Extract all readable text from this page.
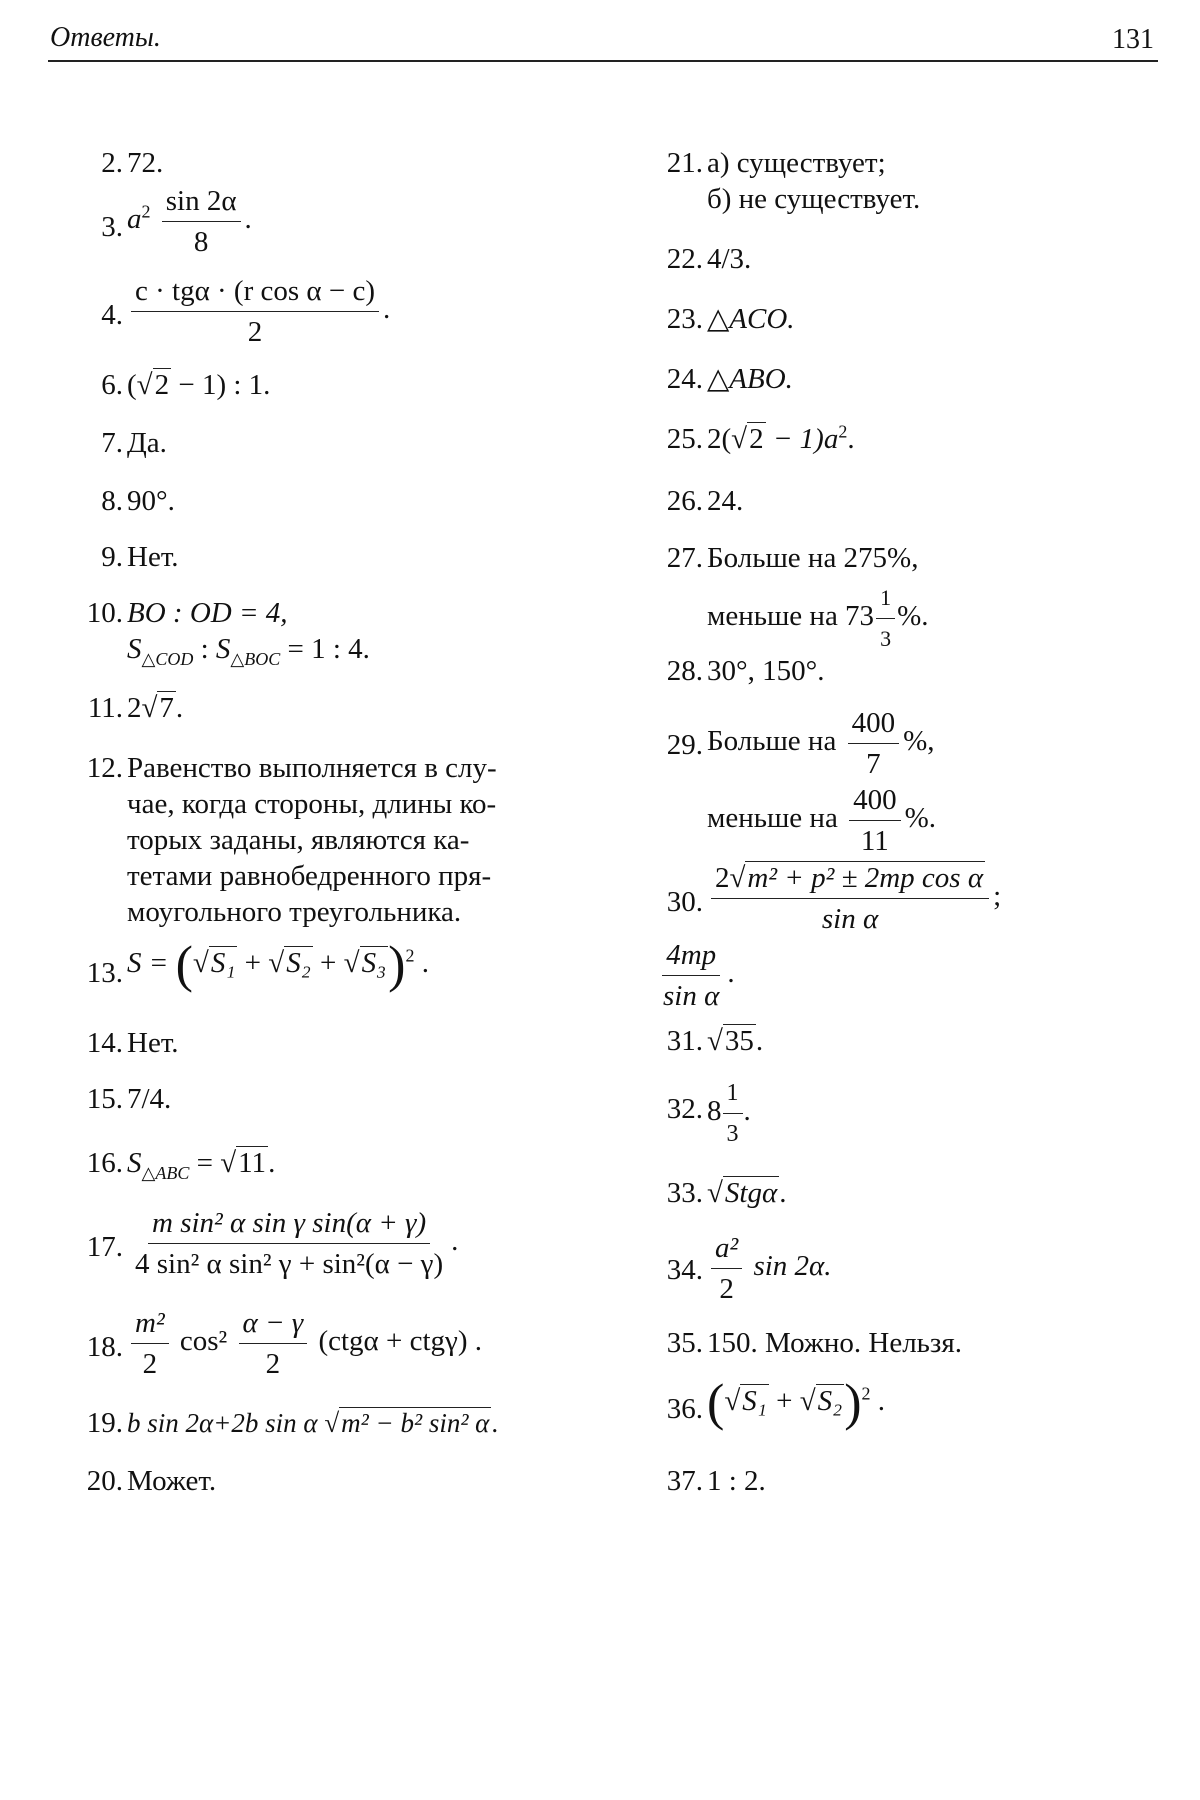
Ответы.	131
2. 72.
3. $a^2 \frac{\sin 2\alpha}{8}$ .
4. $\frac{\text{c · tgα · (r cos α − c)}}{2}$ .
6. (√2 − 1) : 1.
7. Да.
8. 90°.
9. Нет.
10. BO : OD = 4,
$S_{\triangle COD}$ : $S_{\triangle BOC} = 1$ : 4.
11. 2√7.
12. Равенство выполняется в слу-
чае, когда стороны, длины ко-
торых заданы, являются ка-
тетами равнобедренного пря-
моугольного треугольника.
13. $S = (√S_1 + √S_2 + √S_3)^2$ .
14. Нет.
15. 7/4.
16. $S_{\triangle ABC} = √11$.
17. $\frac{\text{m sin² α sin γ sin(α + γ)}}{\text{4 sin² α sin² γ + sin²(α − γ)}}$ .
18. $\frac{\text{m²}}{2} \cos^2 \frac{\alpha - \gamma}{2} (ctg\alpha + ctg\gamma)$ .
19. b sin 2α+2b sin α √m² − b² sin² α.
20. Может.
21. а) существует;
б) не существует.
22. 4/3.
23. △ACO.
24. △ABO.
25. $2(√2 - 1)a^2$.
26. 24.
27. Больше на 275%,
меньше на $73 \frac{1}{3}$ %.
28. 30°, 150°.
29. Больше на $\frac{400}{7}$ %,
меньше на $\frac{400}{11}$ %.
30. $\frac{\text{2√m² + p² ± 2mp cos α}}{\text{sin α}}$ ;
$\frac{4mp}{\text{sin α}}$ .
31. √35.
32. $8 \frac{1}{3}$ .
33. √Stgα.
34. $\frac{\text{a²}}{2}$ sin 2α.
35. 150. Можно. Нельзя.
36. $(√S_1 + √S_2)^2$ .
37. 1 : 2.
